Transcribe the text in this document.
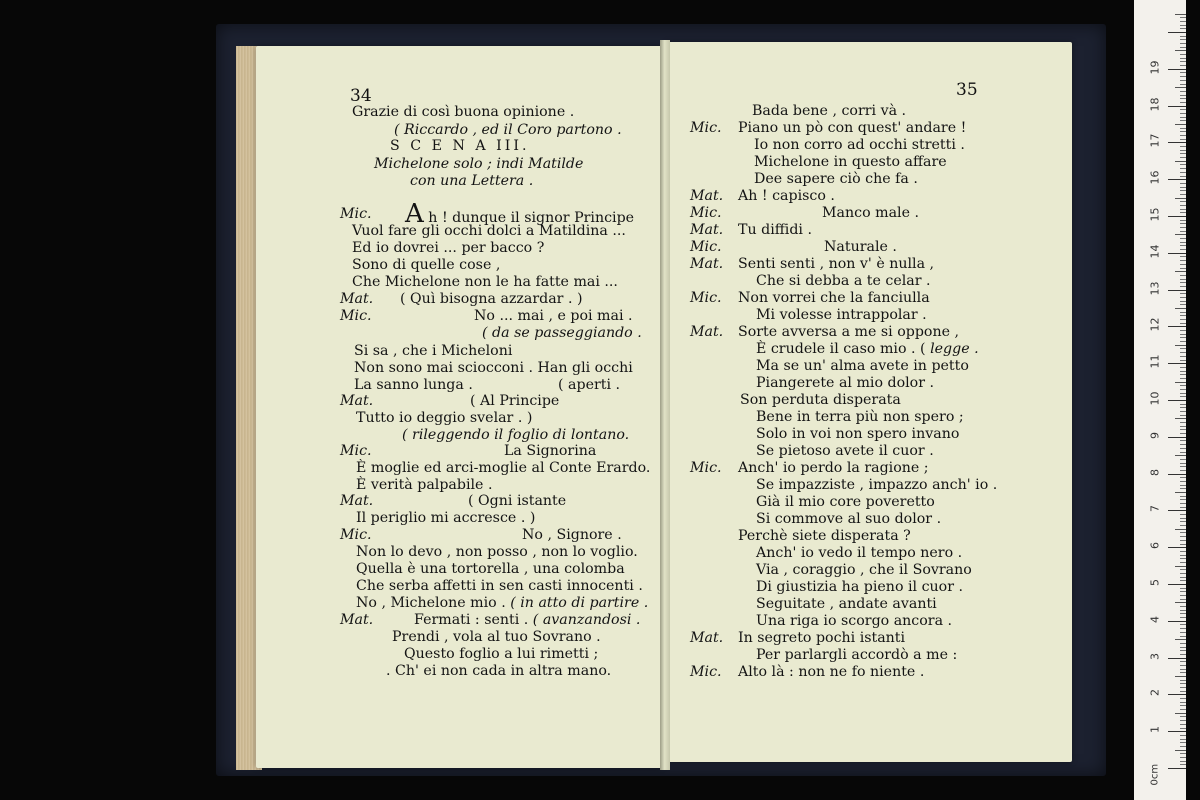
34	35
Grazie di così buona opinione .
( Riccardo , ed il Coro partono .
S C E N A III.
Michelone solo ; indi Matilde
con una Lettera .
Mic. A h ! dunque il signor Principe
Vuol fare gli occhi dolci a Matildina ...
Ed io dovrei ... per bacco ?
Sono di quelle cose ,
Che Michelone non le ha fatte mai ...
Mat. ( Quì bisogna azzardar . )
Mic.	No ... mai , e poi mai .
( da se passeggiando .
Si sa , che i Micheloni
Non sono mai sciocconi . Han gli occhi
La sanno lunga .	( aperti .
Mat.	( Al Principe
Tutto io deggio svelar . )
( rileggendo il foglio di lontano.
Mic.	La Signorina
È moglie ed arci-moglie al Conte Erardo.
È verità palpabile .
Mat.	( Ogni istante
Il periglio mi accresce . )
Mic.	No , Signore .
Non lo devo , non posso , non lo voglio.
Quella è una tortorella , una colomba
Che serba affetti in sen casti innocenti .
No , Michelone mio . ( in atto di partire .
Mat.	Fermati : senti . ( avanzandosi .
Prendi , vola al tuo Sovrano .
Questo foglio a lui rimetti ;
. Ch' ei non cada in altra mano.
Bada bene , corri và .
Mic. Piano un pò con quest' andare !
Io non corro ad occhi stretti .
Michelone in questo affare
Dee sapere ciò che fa .
Mat. Ah ! capisco .
Mic.	Manco male .
Mat. Tu diffidi .
Mic.	Naturale .
Mat. Senti senti , non v' è nulla ,
Che si debba a te celar .
Mic. Non vorrei che la fanciulla
Mi volesse intrappolar .
Mat. Sorte avversa a me si oppone ,
È crudele il caso mio . ( legge .
Ma se un' alma avete in petto
Piangerete al mio dolor .
Son perduta disperata
Bene in terra più non spero ;
Solo in voi non spero invano
Se pietoso avete il cuor .
Mic. Anch' io perdo la ragione ;
Se impazziste , impazzo anch' io .
Già il mio core poveretto
Si commove al suo dolor .
Perchè siete disperata ?
Anch' io vedo il tempo nero .
Via , coraggio , che il Sovrano
Di giustizia ha pieno il cuor .
Seguitate , andate avanti
Una riga io scorgo ancora .
Mat. In segreto pochi istanti
Per parlargli accordò a me :
Mic. Alto là : non ne fo niente .
1
2
3
4
5
6
7
8
9
10
11
12
13
14
15
16
17
18
19
0cm
